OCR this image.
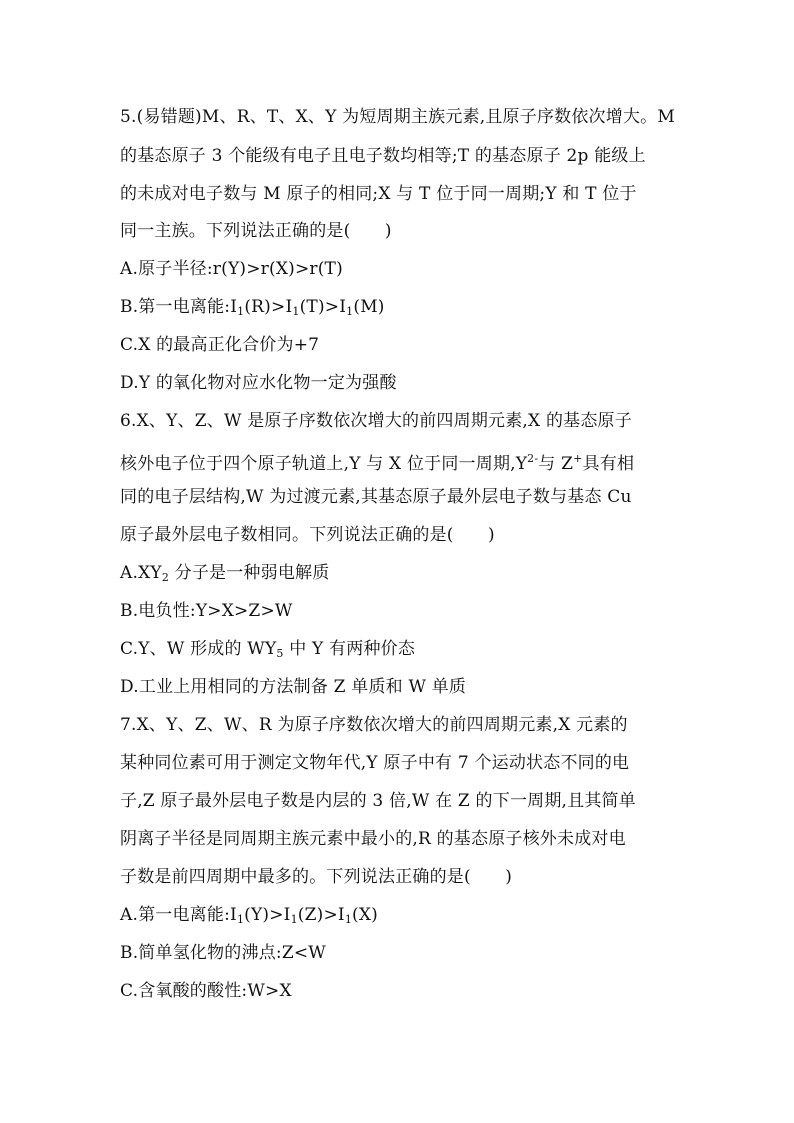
5.(易错题)M、R、T、X、Y 为短周期主族元素,且原子序数依次增大。M
的基态原子 3 个能级有电子且电子数均相等;T 的基态原子 2p 能级上
的未成对电子数与 M 原子的相同;X 与 T 位于同一周期;Y 和 T 位于
同一主族。下列说法正确的是(　　)
A.原子半径:r(Y)>r(X)>r(T)
B.第一电离能$:I_1(R)>I_1(T)>I_1(M)$
C.X 的最高正化合价为+7
D.Y 的氧化物对应水化物一定为强酸
6.X、Y、Z、W 是原子序数依次增大的前四周期元素,X 的基态原子
核外电子位于四个原子轨道上,Y 与 X 位于同一周期$,Y^{2-}$与 Z+具有相
同的电子层结构,W 为过渡元素,其基态原子最外层电子数与基态 Cu
原子最外层电子数相同。下列说法正确的是(　　)
$A.XY_2$ 分子是一种弱电解质
B.电负性:Y>X>Z>W
C.Y、W 形成的 $WY_5$ 中 Y 有两种价态
D.工业上用相同的方法制备 Z 单质和 W 单质
7.X、Y、Z、W、R 为原子序数依次增大的前四周期元素,X 元素的
某种同位素可用于测定文物年代,Y 原子中有 7 个运动状态不同的电
子,Z 原子最外层电子数是内层的 3 倍,W 在 Z 的下一周期,且其简单
阴离子半径是同周期主族元素中最小的,R 的基态原子核外未成对电
子数是前四周期中最多的。下列说法正确的是(　　)
A.第一电离能$:I_1(Y)>I_1(Z)>I_1(X)$
B.简单氢化物的沸点:Z<W
C.含氧酸的酸性:W>X
